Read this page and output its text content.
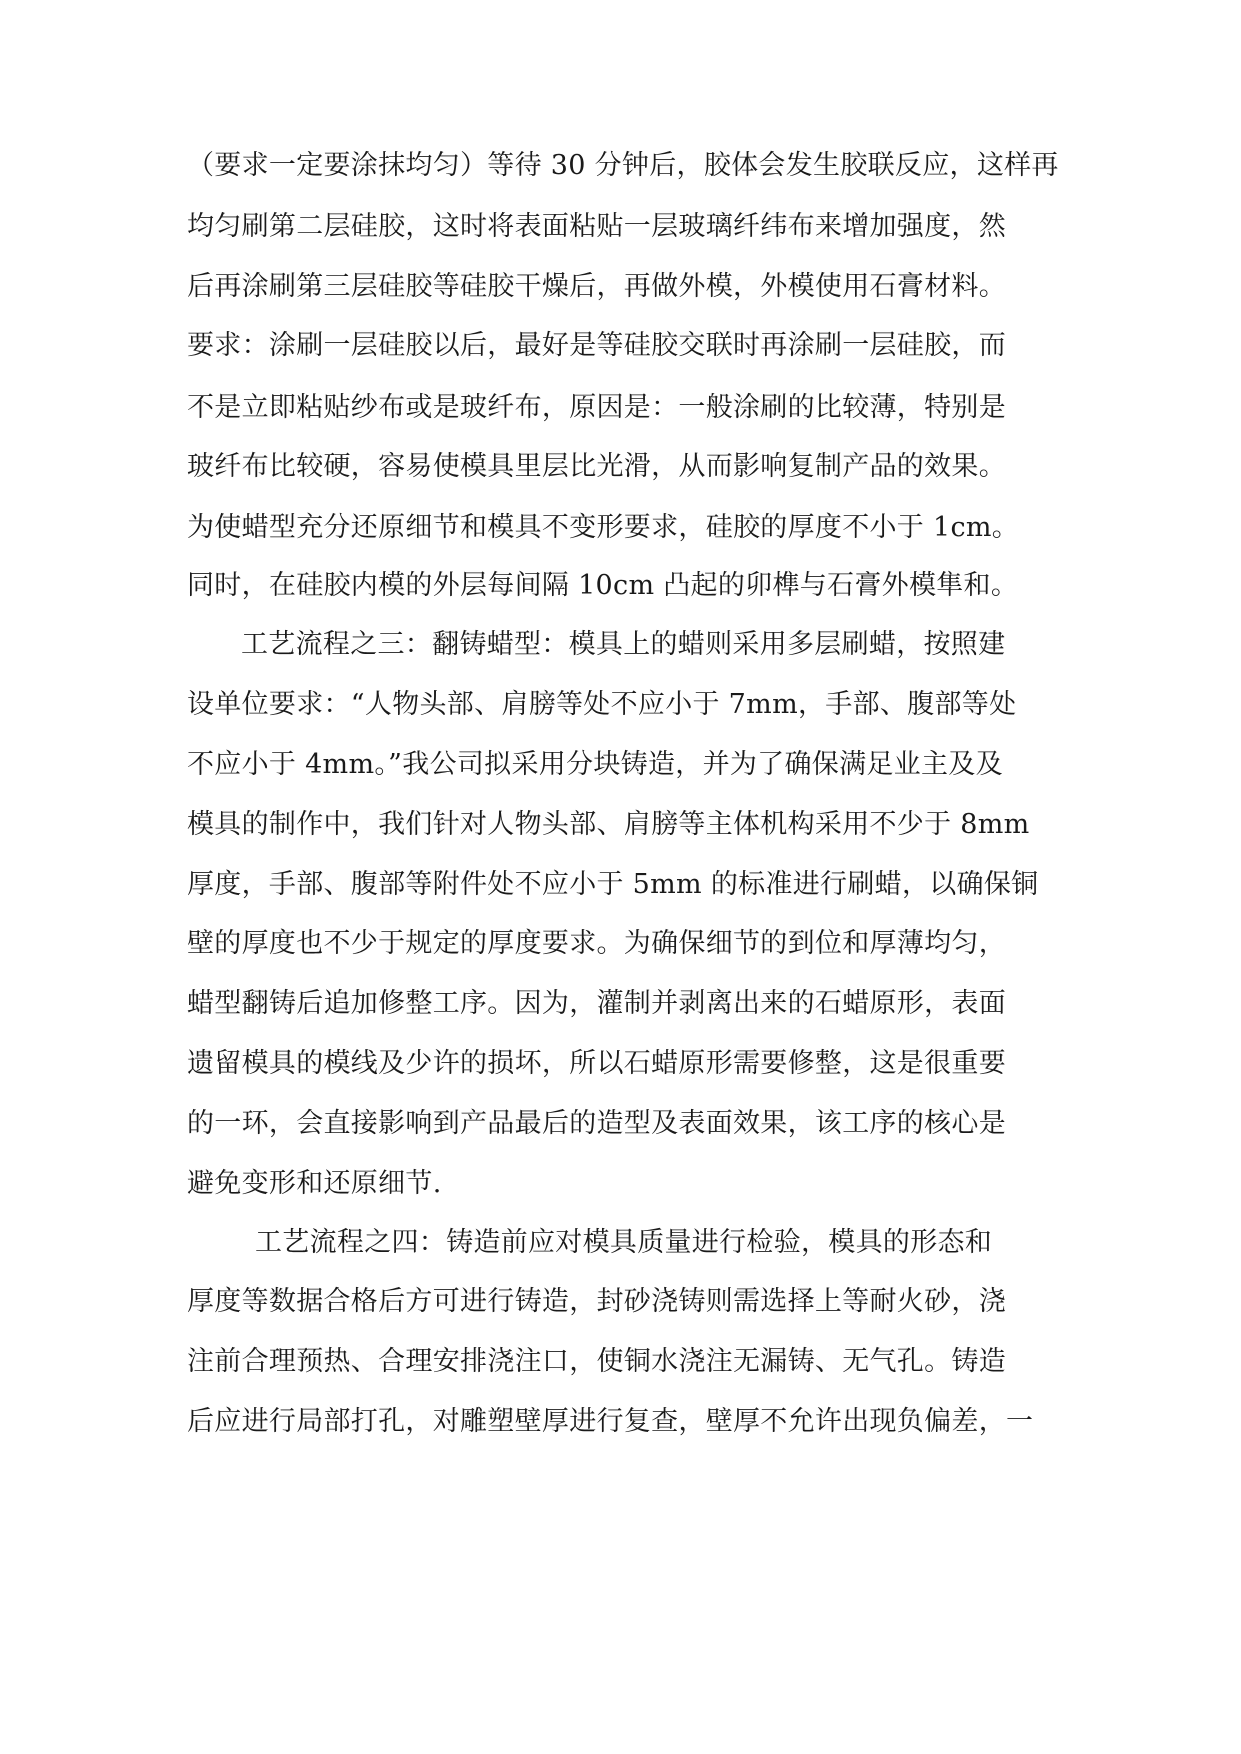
（要求一定要涂抹均匀）等待 30 分钟后，胶体会发生胶联反应，这样再
均匀刷第二层硅胶，这时将表面粘贴一层玻璃纤纬布来增加强度，然
后再涂刷第三层硅胶等硅胶干燥后，再做外模，外模使用石膏材料。
要求：涂刷一层硅胶以后，最好是等硅胶交联时再涂刷一层硅胶，而
不是立即粘贴纱布或是玻纤布，原因是：一般涂刷的比较薄，特别是
玻纤布比较硬，容易使模具里层比光滑，从而影响复制产品的效果。
为使蜡型充分还原细节和模具不变形要求，硅胶的厚度不小于 1cm。
同时，在硅胶内模的外层每间隔 10cm 凸起的卯榫与石膏外模隼和。
工艺流程之三：翻铸蜡型：模具上的蜡则采用多层刷蜡，按照建
设单位要求：“人物头部、肩膀等处不应小于 7mm，手部、腹部等处
不应小于 4mm。”我公司拟采用分块铸造，并为了确保满足业主及及
模具的制作中，我们针对人物头部、肩膀等主体机构采用不少于 8mm
厚度，手部、腹部等附件处不应小于 5mm 的标准进行刷蜡，以确保铜
壁的厚度也不少于规定的厚度要求。为确保细节的到位和厚薄均匀，
蜡型翻铸后追加修整工序。因为，灌制并剥离出来的石蜡原形，表面
遗留模具的模线及少许的损坏，所以石蜡原形需要修整，这是很重要
的一环，会直接影响到产品最后的造型及表面效果，该工序的核心是
避免变形和还原细节.
工艺流程之四：铸造前应对模具质量进行检验，模具的形态和
厚度等数据合格后方可进行铸造，封砂浇铸则需选择上等耐火砂，浇
注前合理预热、合理安排浇注口，使铜水浇注无漏铸、无气孔。铸造
后应进行局部打孔，对雕塑壁厚进行复查，壁厚不允许出现负偏差，一
